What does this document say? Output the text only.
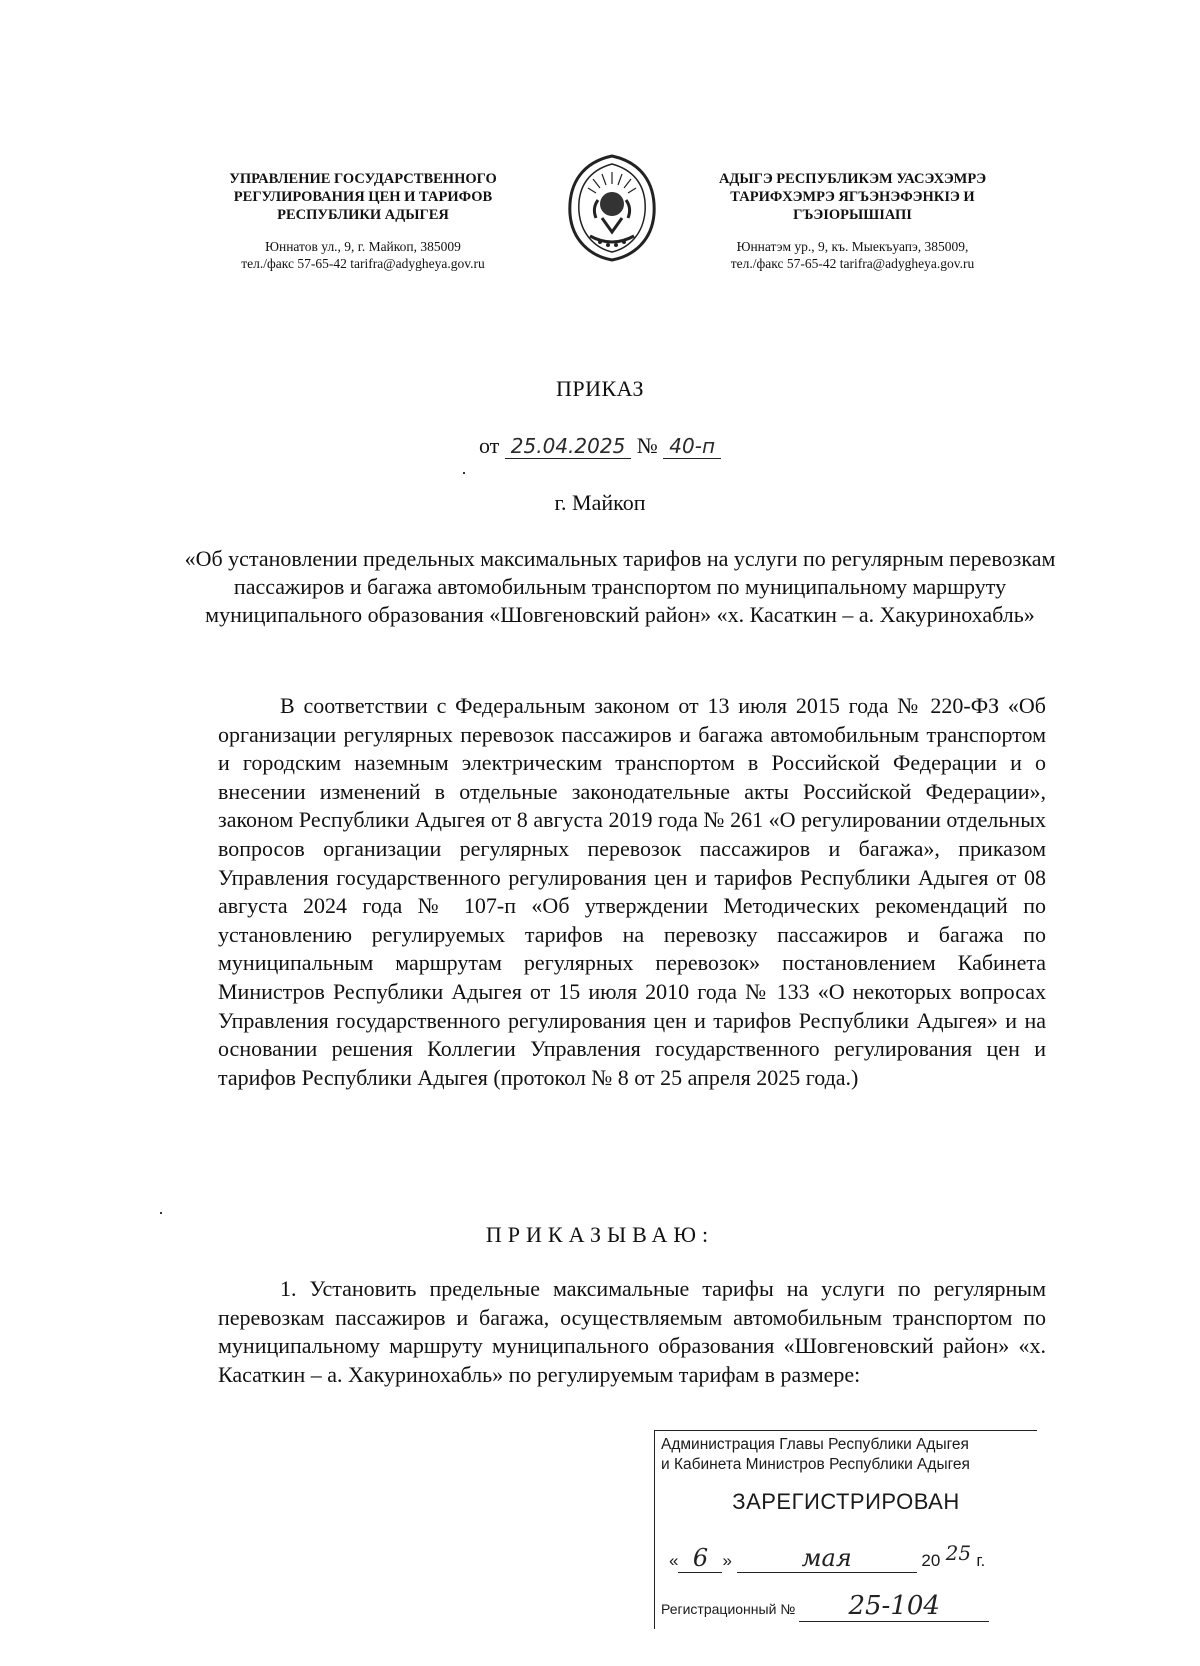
УПРАВЛЕНИЕ ГОСУДАРСТВЕННОГО
РЕГУЛИРОВАНИЯ ЦЕН И ТАРИФОВ
РЕСПУБЛИКИ АДЫГЕЯ
Юннатов ул., 9, г. Майкоп, 385009
тел./факс 57-65-42 tarifra@adygheya.gov.ru
АДЫГЭ РЕСПУБЛИКЭМ УАСЭХЭМРЭ
ТАРИФХЭМРЭ ЯГЪЭНЭФЭНКIЭ И
ГЪЭIОРЫШIАПI
Юннатэм ур., 9, къ. Мыекъуапэ, 385009,
тел./факс 57-65-42 tarifra@adygheya.gov.ru
ПРИКАЗ
от 25.04.2025 № 40-п
г. Майкоп
«Об установлении предельных максимальных тарифов на услуги по регулярным перевозкам пассажиров и багажа автомобильным транспортом по муниципальному маршруту муниципального образования «Шовгеновский район» «х. Касаткин – а. Хакуринохабль»
В соответствии с Федеральным законом от 13 июля 2015 года № 220-ФЗ «Об организации регулярных перевозок пассажиров и багажа автомобильным транспортом и городским наземным электрическим транспортом в Российской Федерации и о внесении изменений в отдельные законодательные акты Российской Федерации», законом Республики Адыгея от 8 августа 2019 года № 261 «О регулировании отдельных вопросов организации регулярных перевозок пассажиров и багажа», приказом Управления государственного регулирования цен и тарифов Республики Адыгея от 08 августа 2024 года № 107-п «Об утверждении Методических рекомендаций по установлению регулируемых тарифов на перевозку пассажиров и багажа по муниципальным маршрутам регулярных перевозок» постановлением Кабинета Министров Республики Адыгея от 15 июля 2010 года № 133 «О некоторых вопросах Управления государственного регулирования цен и тарифов Республики Адыгея» и на основании решения Коллегии Управления государственного регулирования цен и тарифов Республики Адыгея (протокол № 8 от 25 апреля 2025 года.)
ПРИКАЗЫВАЮ:
1. Установить предельные максимальные тарифы на услуги по регулярным перевозкам пассажиров и багажа, осуществляемым автомобильным транспортом по муниципальному маршруту муниципального образования «Шовгеновский район» «х. Касаткин – а. Хакуринохабль» по регулируемым тарифам в размере:
Администрация Главы Республики Адыгея
и Кабинета Министров Республики Адыгея
ЗАРЕГИСТРИРОВАН
« 6 »	мая	20 25 г.
Регистрационный № 25-104
